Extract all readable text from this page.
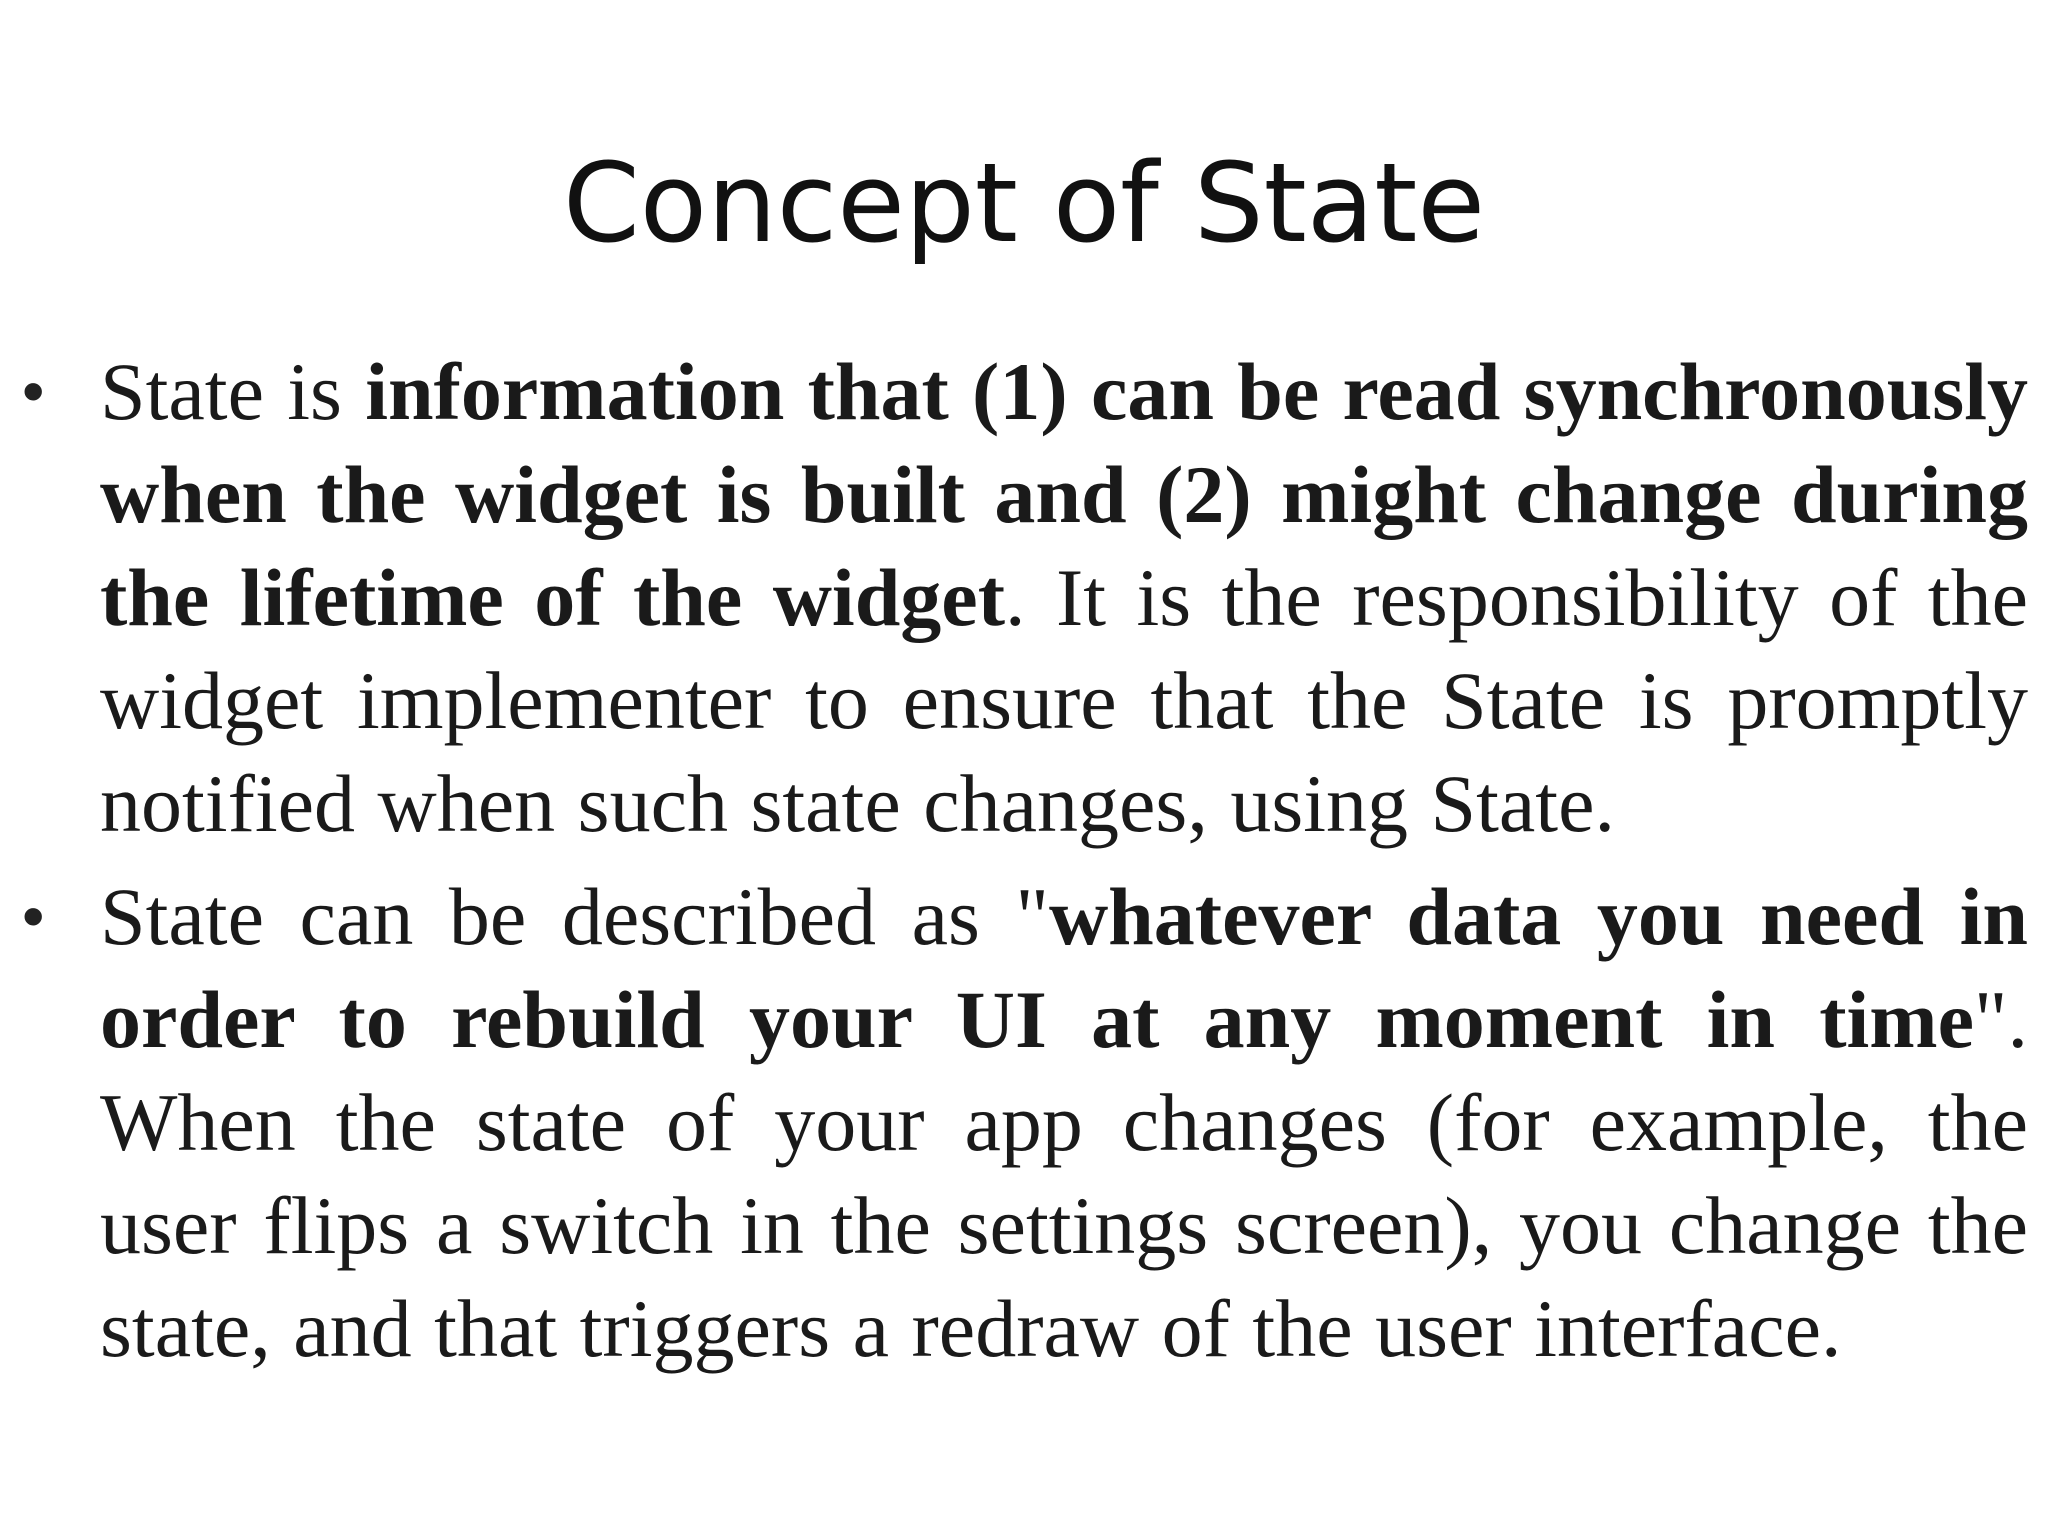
Concept of State
• State is information that (1) can be read synchronously when the widget is built and (2) might change during the lifetime of the widget. It is the responsibility of the widget implementer to ensure that the State is promptly notified when such state changes, using State.
• State can be described as "whatever data you need in order to rebuild your UI at any moment in time". When the state of your app changes (for example, the user flips a switch in the settings screen), you change the state, and that triggers a redraw of the user interface.
